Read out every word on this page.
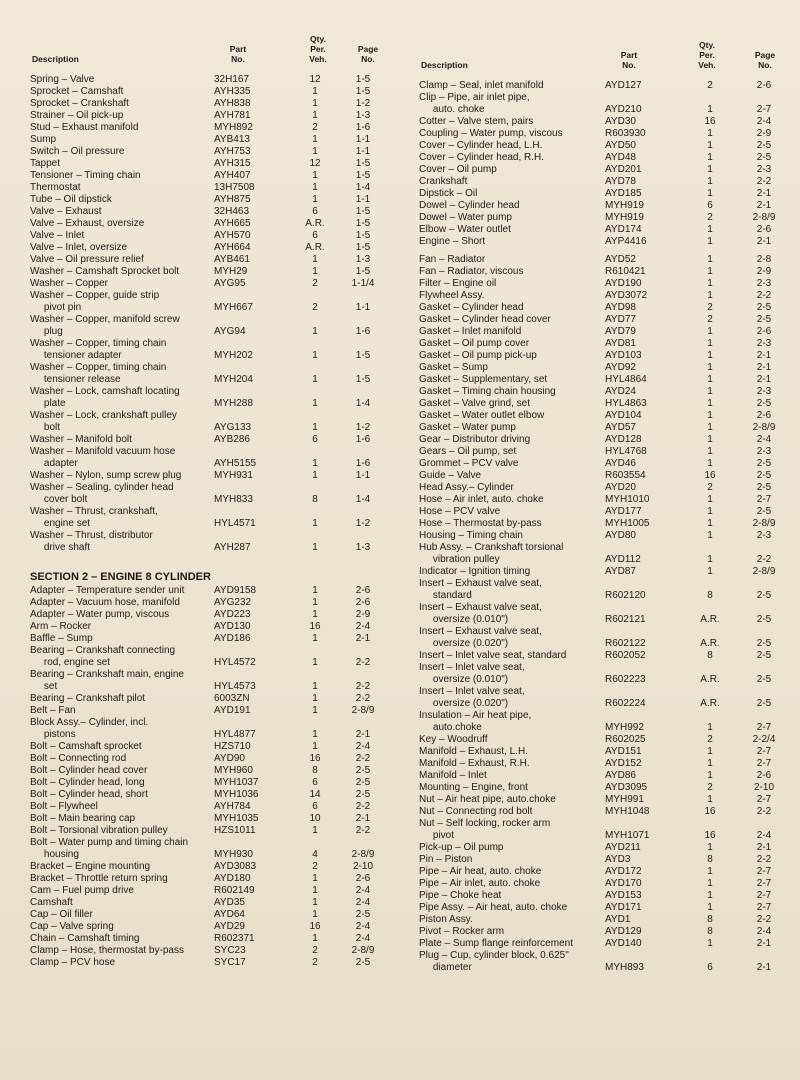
Description
Part
No.
Qty.
Per.
Veh.
Page
No.
Spring – Valve	32H167	12	1-5
Sprocket – Camshaft	AYH335	1	1-5
Sprocket – Crankshaft	AYH838	1	1-2
Strainer – Oil pick-up	AYH781	1	1-3
Stud – Exhaust manifold	MYH892	2	1-6
Sump	AYB413	1	1-1
Switch – Oil pressure	AYH753	1	1-1
Tappet	AYH315	12	1-5
Tensioner – Timing chain	AYH407	1	1-5
Thermostat	13H7508	1	1-4
Tube – Oil dipstick	AYH875	1	1-1
Valve – Exhaust	32H463	6	1-5
Valve – Exhaust, oversize	AYH665	A.R.	1-5
Valve – Inlet	AYH570	6	1-5
Valve – Inlet, oversize	AYH664	A.R.	1-5
Valve – Oil pressure relief	AYB461	1	1-3
Washer – Camshaft Sprocket bolt	MYH29	1	1-5
Washer – Copper	AYG95	2	1-1/4
Washer – Copper, guide strip
pivot pin	MYH667	2	1-1
Washer – Copper, manifold screw
plug	AYG94	1	1-6
Washer – Copper, timing chain
tensioner adapter	MYH202	1	1-5
Washer – Copper, timing chain
tensioner release	MYH204	1	1-5
Washer – Lock, camshaft locating
plate	MYH288	1	1-4
Washer – Lock, crankshaft pulley
bolt	AYG133	1	1-2
Washer – Manifold bolt	AYB286	6	1-6
Washer – Manifold vacuum hose
adapter	AYH5155	1	1-6
Washer – Nylon, sump screw plug	MYH931	1	1-1
Washer – Sealing, cylinder head
cover bolt	MYH833	8	1-4
Washer – Thrust, crankshaft,
engine set	HYL4571	1	1-2
Washer – Thrust, distributor
drive shaft	AYH287	1	1-3
SECTION 2 – ENGINE 8 CYLINDER
Adapter – Temperature sender unit	AYD9158	1	2-6
Adapter – Vacuum hose, manifold	AYG232	1	2-6
Adapter – Water pump, viscous	AYD223	1	2-9
Arm – Rocker	AYD130	16	2-4
Baffle – Sump	AYD186	1	2-1
Bearing – Crankshaft connecting
rod, engine set	HYL4572	1	2-2
Bearing – Crankshaft main, engine
set	HYL4573	1	2-2
Bearing – Crankshaft pilot	6003ZN	1	2-2
Belt – Fan	AYD191	1	2-8/9
Block Assy.– Cylinder, incl.
pistons	HYL4877	1	2-1
Bolt – Camshaft sprocket	HZS710	1	2-4
Bolt – Connecting rod	AYD90	16	2-2
Bolt – Cylinder head cover	MYH960	8	2-5
Bolt – Cylinder head, long	MYH1037	6	2-5
Bolt – Cylinder head, short	MYH1036	14	2-5
Bolt – Flywheel	AYH784	6	2-2
Bolt – Main bearing cap	MYH1035	10	2-1
Bolt – Torsional vibration pulley	HZS1011	1	2-2
Bolt – Water pump and timing chain
housing	MYH930	4	2-8/9
Bracket – Engine mounting	AYD3083	2	2-10
Bracket – Throttle return spring	AYD180	1	2-6
Cam – Fuel pump drive	R602149	1	2-4
Camshaft	AYD35	1	2-4
Cap – Oil filler	AYD64	1	2-5
Cap – Valve spring	AYD29	16	2-4
Chain – Camshaft timing	R602371	1	2-4
Clamp – Hose, thermostat by-pass	SYC23	2	2-8/9
Clamp – PCV hose	SYC17	2	2-5
Description
Part
No.
Qty.
Per.
Veh.
Page
No.
Clamp – Seal, inlet manifold	AYD127	2	2-6
Clip – Pipe, air inlet pipe,
auto. choke	AYD210	1	2-7
Cotter – Valve stem, pairs	AYD30	16	2-4
Coupling – Water pump, viscous	R603930	1	2-9
Cover – Cylinder head, L.H.	AYD50	1	2-5
Cover – Cylinder head, R.H.	AYD48	1	2-5
Cover – Oil pump	AYD201	1	2-3
Crankshaft	AYD78	1	2-2
Dipstick – Oil	AYD185	1	2-1
Dowel – Cylinder head	MYH919	6	2-1
Dowel – Water pump	MYH919	2	2-8/9
Elbow – Water outlet	AYD174	1	2-6
Engine – Short	AYP4416	1	2-1
Fan – Radiator	AYD52	1	2-8
Fan – Radiator, viscous	R610421	1	2-9
Filter – Engine oil	AYD190	1	2-3
Flywheel Assy.	AYD3072	1	2-2
Gasket – Cylinder head	AYD98	2	2-5
Gasket – Cylinder head cover	AYD77	2	2-5
Gasket – Inlet manifold	AYD79	1	2-6
Gasket – Oil pump cover	AYD81	1	2-3
Gasket – Oil pump pick-up	AYD103	1	2-1
Gasket – Sump	AYD92	1	2-1
Gasket – Supplementary, set	HYL4864	1	2-1
Gasket – Timing chain housing	AYD24	1	2-3
Gasket – Valve grind, set	HYL4863	1	2-5
Gasket – Water outlet elbow	AYD104	1	2-6
Gasket – Water pump	AYD57	1	2-8/9
Gear – Distributor driving	AYD128	1	2-4
Gears – Oil pump, set	HYL4768	1	2-3
Grommet – PCV valve	AYD46	1	2-5
Guide – Valve	R603554	16	2-5
Head Assy.– Cylinder	AYD20	2	2-5
Hose – Air inlet, auto. choke	MYH1010	1	2-7
Hose – PCV valve	AYD177	1	2-5
Hose – Thermostat by-pass	MYH1005	1	2-8/9
Housing – Timing chain	AYD80	1	2-3
Hub Assy. – Crankshaft torsional
vibration pulley	AYD112	1	2-2
Indicator – Ignition timing	AYD87	1	2-8/9
Insert – Exhaust valve seat,
standard	R602120	8	2-5
Insert – Exhaust valve seat,
oversize (0.010")	R602121	A.R.	2-5
Insert – Exhaust valve seat,
oversize (0.020")	R602122	A.R.	2-5
Insert – Inlet valve seat, standard	R602052	8	2-5
Insert – Inlet valve seat,
oversize (0.010")	R602223	A.R.	2-5
Insert – Inlet valve seat,
oversize (0.020")	R602224	A.R.	2-5
Insulation – Air heat pipe,
auto.choke	MYH992	1	2-7
Key – Woodruff	R602025	2	2-2/4
Manifold – Exhaust, L.H.	AYD151	1	2-7
Manifold – Exhaust, R.H.	AYD152	1	2-7
Manifold – Inlet	AYD86	1	2-6
Mounting – Engine, front	AYD3095	2	2-10
Nut – Air heat pipe, auto.choke	MYH991	1	2-7
Nut – Connecting rod bolt	MYH1048	16	2-2
Nut – Self locking, rocker arm
pivot	MYH1071	16	2-4
Pick-up – Oil pump	AYD211	1	2-1
Pin – Piston	AYD3	8	2-2
Pipe – Air heat, auto. choke	AYD172	1	2-7
Pipe – Air inlet, auto. choke	AYD170	1	2-7
Pipe – Choke heat	AYD153	1	2-7
Pipe Assy. – Air heat, auto. choke	AYD171	1	2-7
Piston Assy.	AYD1	8	2-2
Pivot – Rocker arm	AYD129	8	2-4
Plate – Sump flange reinforcement	AYD140	1	2-1
Plug – Cup, cylinder block, 0.625"
diameter	MYH893	6	2-1
